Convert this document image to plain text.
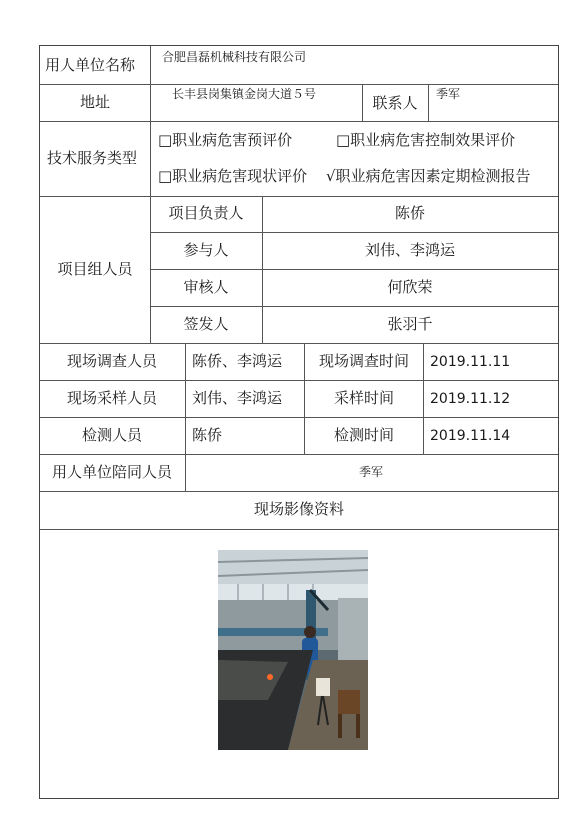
用人单位名称 合肥昌磊机械科技有限公司
地址	长丰县岗集镇金岗大道５号	联系人 季军
技术服务类型
□职业病危害预评价	□职业病危害控制效果评价
□职业病危害现状评价 √职业病危害因素定期检测报告
项目组人员
项目负责人	陈侨
参与人	刘伟、李鸿运
审核人	何欣荣
签发人	张羽千
现场调查人员 陈侨、李鸿运 现场调查时间 2019.11.11
现场采样人员 刘伟、李鸿运	采样时间	2019.11.12
检测人员	陈侨	检测时间	2019.11.14
用人单位陪同人员	季军
现场影像资料
